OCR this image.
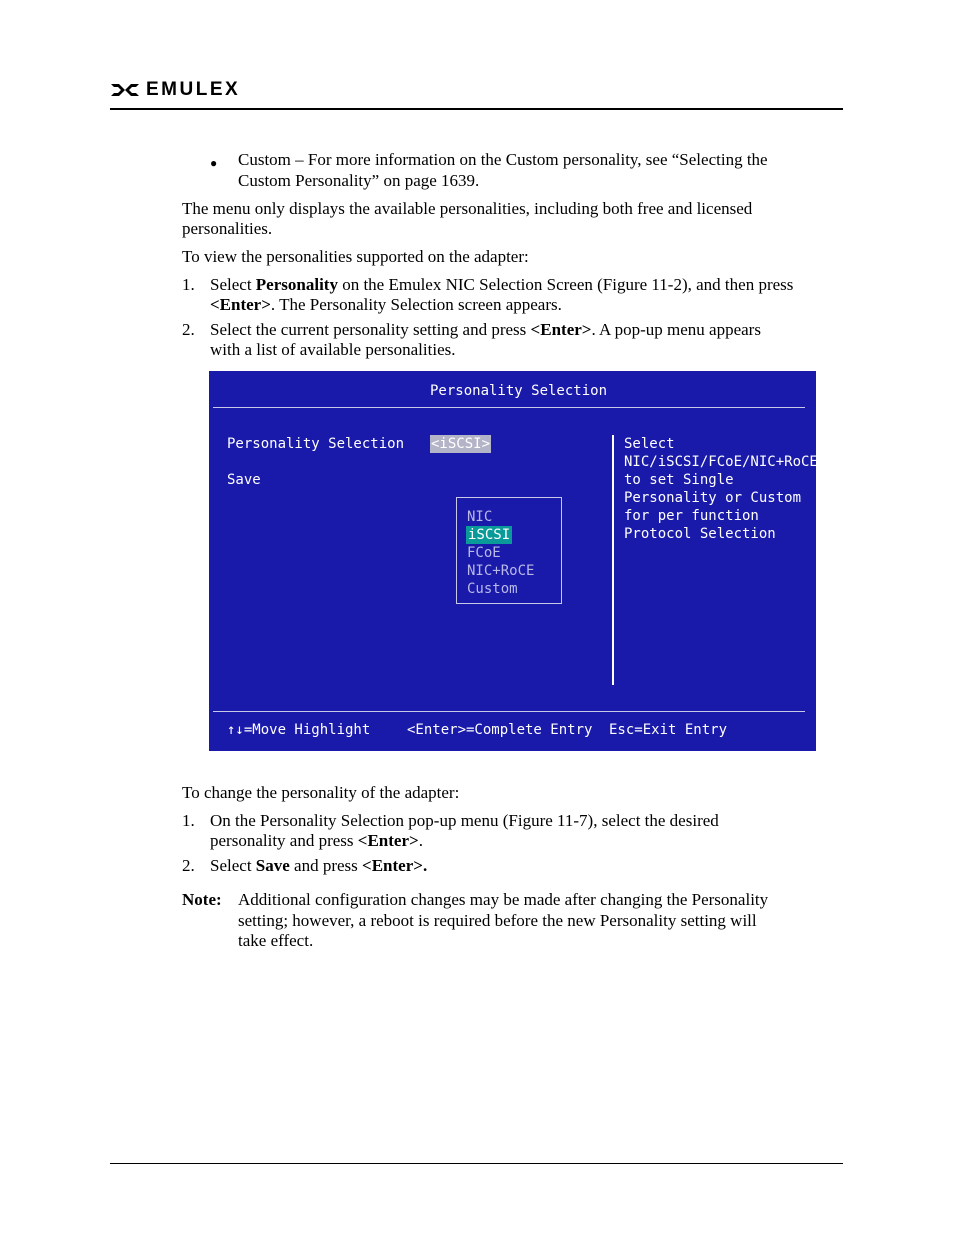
EMULEX
● Custom – For more information on the Custom personality, see “Selecting the
Custom Personality” on page 1639.
The menu only displays the available personalities, including both free and licensed
personalities.
To view the personalities supported on the adapter:
1. Select Personality on the Emulex NIC Selection Screen (Figure 11-2), and then press
<Enter>. The Personality Selection screen appears.
2. Select the current personality setting and press <Enter>. A pop-up menu appears
with a list of available personalities.
Personality Selection
Personality Selection <iSCSI>
Save
NIC
iSCSI
FCoE
NIC+RoCE
Custom
Select
NIC/iSCSI/FCoE/NIC+RoCE
to set Single
Personality or Custom
for per function
Protocol Selection
↑↓=Move Highlight	<Enter>=Complete Entry Esc=Exit Entry
To change the personality of the adapter:
1. On the Personality Selection pop-up menu (Figure 11-7), select the desired
personality and press <Enter>.
2. Select Save and press <Enter>.
Note: Additional configuration changes may be made after changing the Personality
setting; however, a reboot is required before the new Personality setting will
take effect.
